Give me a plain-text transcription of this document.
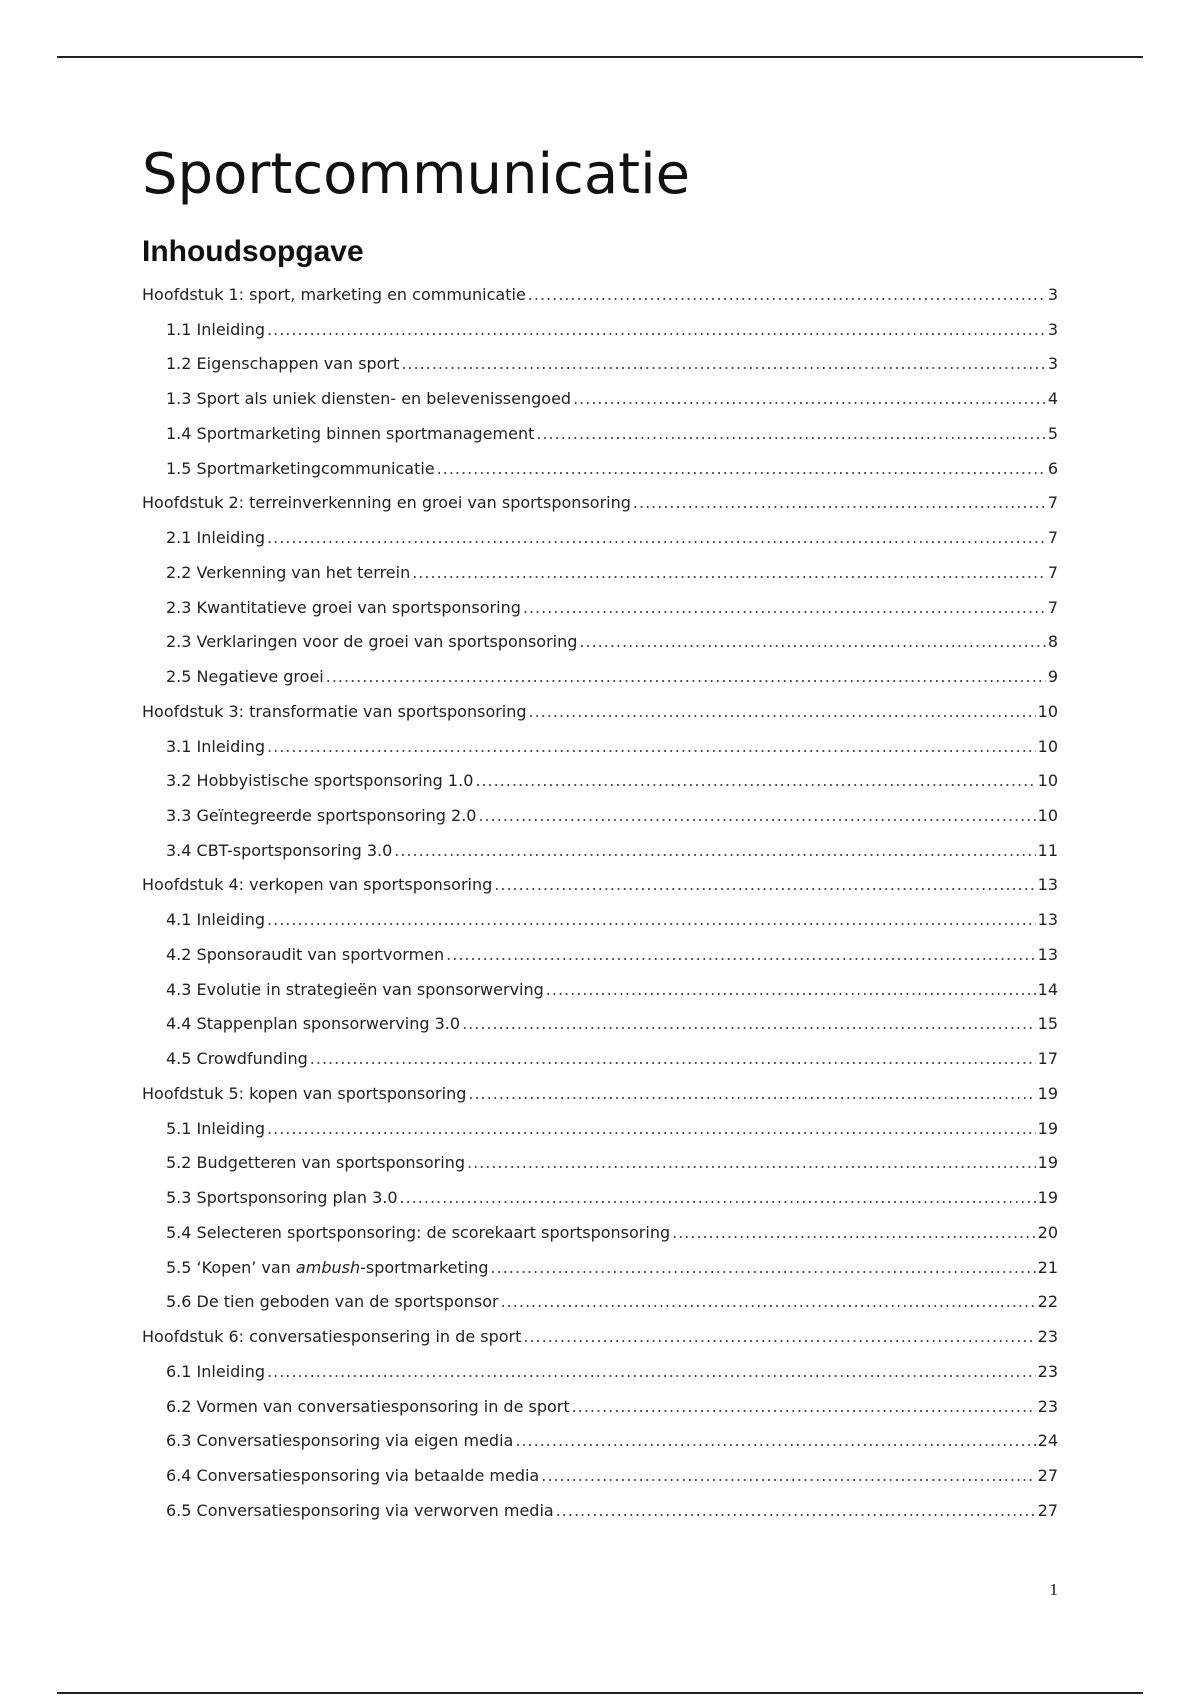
Sportcommunicatie
Inhoudsopgave
Hoofdstuk 1: sport, marketing en communicatie .....	3
1.1 Inleiding .....	3
1.2 Eigenschappen van sport .....	3
1.3 Sport als uniek diensten- en belevenissengoed .....	4
1.4 Sportmarketing binnen sportmanagement .....	5
1.5 Sportmarketingcommunicatie .....	6
Hoofdstuk 2: terreinverkenning en groei van sportsponsoring .....	7
2.1 Inleiding .....	7
2.2 Verkenning van het terrein .....	7
2.3 Kwantitatieve groei van sportsponsoring .....	7
2.3 Verklaringen voor de groei van sportsponsoring .....	8
2.5 Negatieve groei .....	9
Hoofdstuk 3: transformatie van sportsponsoring .....	10
3.1 Inleiding .....	10
3.2 Hobbyistische sportsponsoring 1.0 .....	10
3.3 Geïntegreerde sportsponsoring 2.0 .....	10
3.4 CBT-sportsponsoring 3.0 .....	11
Hoofdstuk 4: verkopen van sportsponsoring .....	13
4.1 Inleiding .....	13
4.2 Sponsoraudit van sportvormen .....	13
4.3 Evolutie in strategieën van sponsorwerving .....	14
4.4 Stappenplan sponsorwerving 3.0 .....	15
4.5 Crowdfunding .....	17
Hoofdstuk 5: kopen van sportsponsoring .....	19
5.1 Inleiding .....	19
5.2 Budgetteren van sportsponsoring .....	19
5.3 Sportsponsoring plan 3.0 .....	19
5.4 Selecteren sportsponsoring: de scorekaart sportsponsoring .....	20
5.5 ‘Kopen’ van ambush-sportmarketing .....	21
5.6 De tien geboden van de sportsponsor .....	22
Hoofdstuk 6: conversatiesponsering in de sport .....	23
6.1 Inleiding .....	23
6.2 Vormen van conversatiesponsoring in de sport .....	23
6.3 Conversatiesponsoring via eigen media .....	24
6.4 Conversatiesponsoring via betaalde media .....	27
6.5 Conversatiesponsoring via verworven media .....	27
1
